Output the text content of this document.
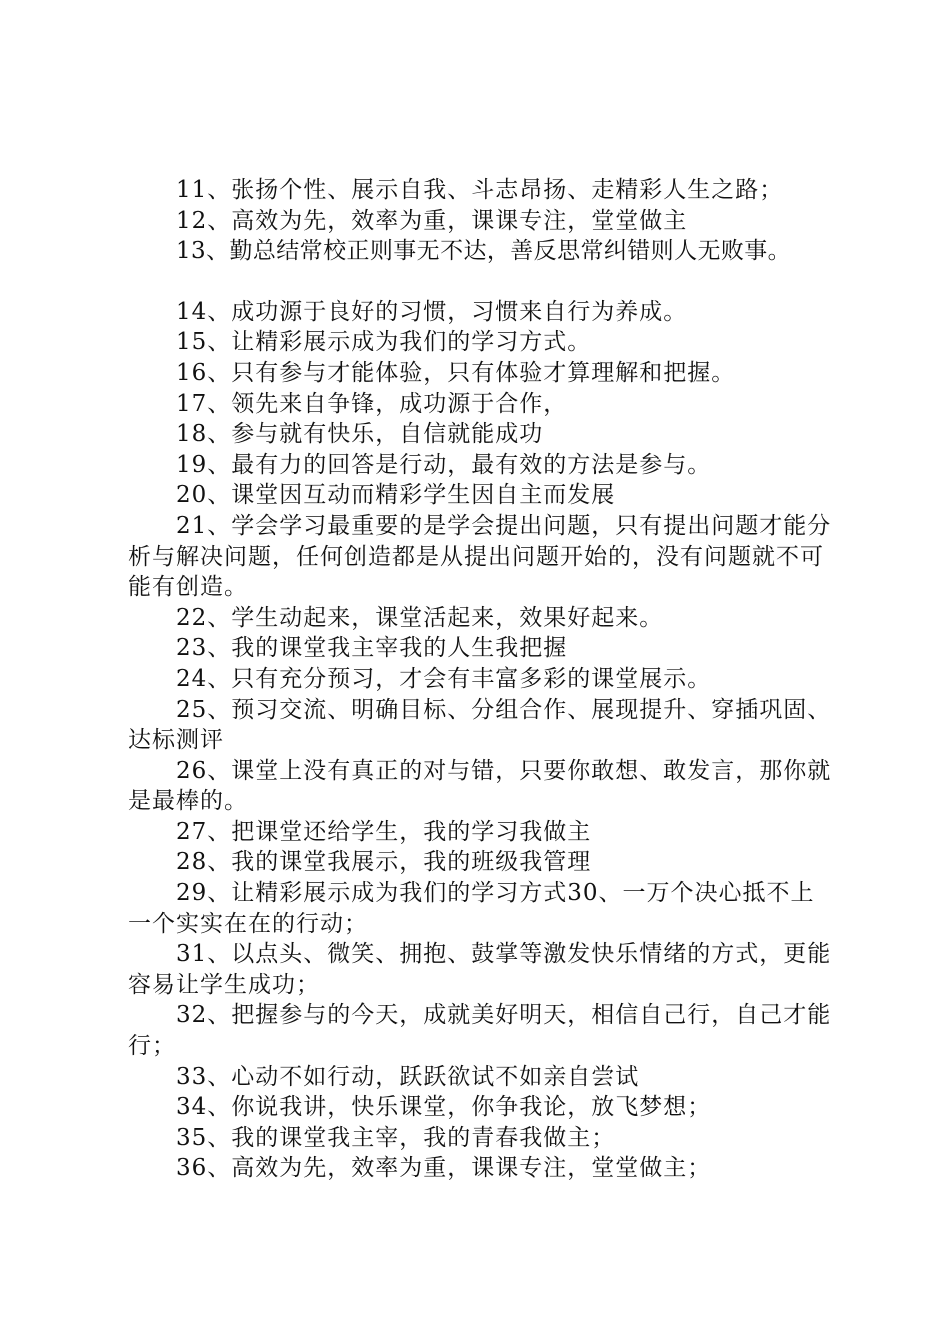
11、张扬个性、展示自我、斗志昂扬、走精彩人生之路；

12、高效为先，效率为重，课课专注，堂堂做主

13、勤总结常校正则事无不达，善反思常纠错则人无败事。

14、成功源于良好的习惯，习惯来自行为养成。

15、让精彩展示成为我们的学习方式。

16、只有参与才能体验，只有体验才算理解和把握。

17、领先来自争锋，成功源于合作，

18、参与就有快乐，自信就能成功

19、最有力的回答是行动，最有效的方法是参与。

20、课堂因互动而精彩学生因自主而发展

21、学会学习最重要的是学会提出问题，只有提出问题才能分析与解决问题，任何创造都是从提出问题开始的，没有问题就不可能有创造。

22、学生动起来，课堂活起来，效果好起来。

23、我的课堂我主宰我的人生我把握

24、只有充分预习，才会有丰富多彩的课堂展示。

25、预习交流、明确目标、分组合作、展现提升、穿插巩固、达标测评

26、课堂上没有真正的对与错，只要你敢想、敢发言，那你就是最棒的。

27、把课堂还给学生，我的学习我做主

28、我的课堂我展示，我的班级我管理

29、让精彩展示成为我们的学习方式30、一万个决心抵不上一个实实在在的行动；

31、以点头、微笑、拥抱、鼓掌等激发快乐情绪的方式，更能容易让学生成功；

32、把握参与的今天，成就美好明天，相信自己行，自己才能行；

33、心动不如行动，跃跃欲试不如亲自尝试

34、你说我讲，快乐课堂，你争我论，放飞梦想；

35、我的课堂我主宰，我的青春我做主；

36、高效为先，效率为重，课课专注，堂堂做主；
